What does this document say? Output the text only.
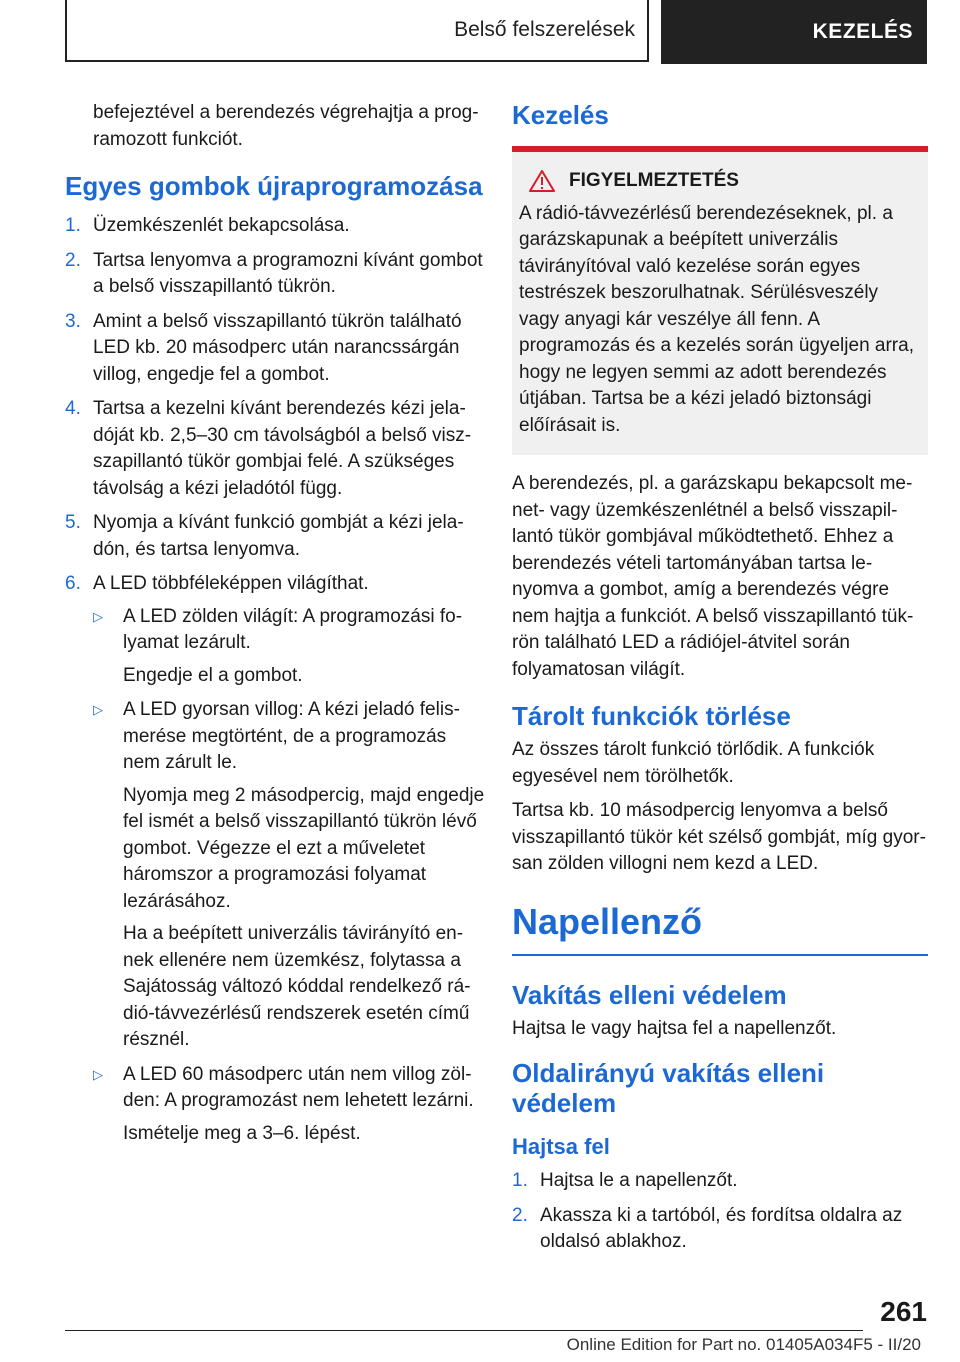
Belső felszerelések	KEZELÉS

befejeztével a berendezés végrehajtja a programozott funkciót.

Egyes gombok újraprogramozása
1. Üzemkészenlét bekapcsolása.
2. Tartsa lenyomva a programozni kívánt gombot a belső visszapillantó tükrön.
3. Amint a belső visszapillantó tükrön található LED kb. 20 másodperc után narancssárgán villog, engedje fel a gombot.
4. Tartsa a kezelni kívánt berendezés kézi jeladóját kb. 2,5–30 cm távolságból a belső viszszapillantó tükör gombjai felé. A szükséges távolság a kézi jeladótól függ.
5. Nyomja a kívánt funkció gombját a kézi jeladón, és tartsa lenyomva.
6. A LED többféleképpen világíthat.
▷ A LED zölden világít: A programozási folyamat lezárult.

Engedje el a gombot.

▷ A LED gyorsan villog: A kézi jeladó felismerése megtörtént, de a programozás nem zárult le.

Nyomja meg 2 másodpercig, majd engedje fel ismét a belső visszapillantó tükrön lévő gombot. Végezze el ezt a műveletet háromszor a programozási folyamat lezárásához.

Ha a beépített univerzális távirányító ennek ellenére nem üzemkész, folytassa a Sajátosság változó kóddal rendelkező rádió-távvezérlésű rendszerek esetén című résznél.

▷ A LED 60 másodperc után nem villog zölden: A programozást nem lehetett lezárni.

Ismételje meg a 3–6. lépést.

Kezelés
FIGYELMEZTETÉS

A rádió-távvezérlésű berendezéseknek, pl. a garázskapunak a beépített univerzális távirányítóval való kezelése során egyes testrészek beszorulhatnak. Sérülésveszély vagy anyagi kár veszélye áll fenn. A programozás és a kezelés során ügyeljen arra, hogy ne legyen semmi az adott berendezés útjában. Tartsa be a kézi jeladó biztonsági előírásait is.

A berendezés, pl. a garázskapu bekapcsolt menet- vagy üzemkészenlétnél a belső visszapillantó tükör gombjával működtethető. Ehhez a berendezés vételi tartományában tartsa lenyomva a gombot, amíg a berendezés végre nem hajtja a funkciót. A belső visszapillantó tükrön található LED a rádiójel-átvitel során folyamatosan világít.

Tárolt funkciók törlése

Az összes tárolt funkció törlődik. A funkciók egyesével nem törölhetők.

Tartsa kb. 10 másodpercig lenyomva a belső visszapillantó tükör két szélső gombját, míg gyorsan zölden villogni nem kezd a LED.

Napellenző
Vakítás elleni védelem

Hajtsa le vagy hajtsa fel a napellenzőt.

Oldalirányú vakítás elleni védelem
Hajtsa fel
1. Hajtsa le a napellenzőt.
2. Akassza ki a tartóból, és fordítsa oldalra az oldalsó ablakhoz.
261
Online Edition for Part no. 01405A034F5 - II/20
